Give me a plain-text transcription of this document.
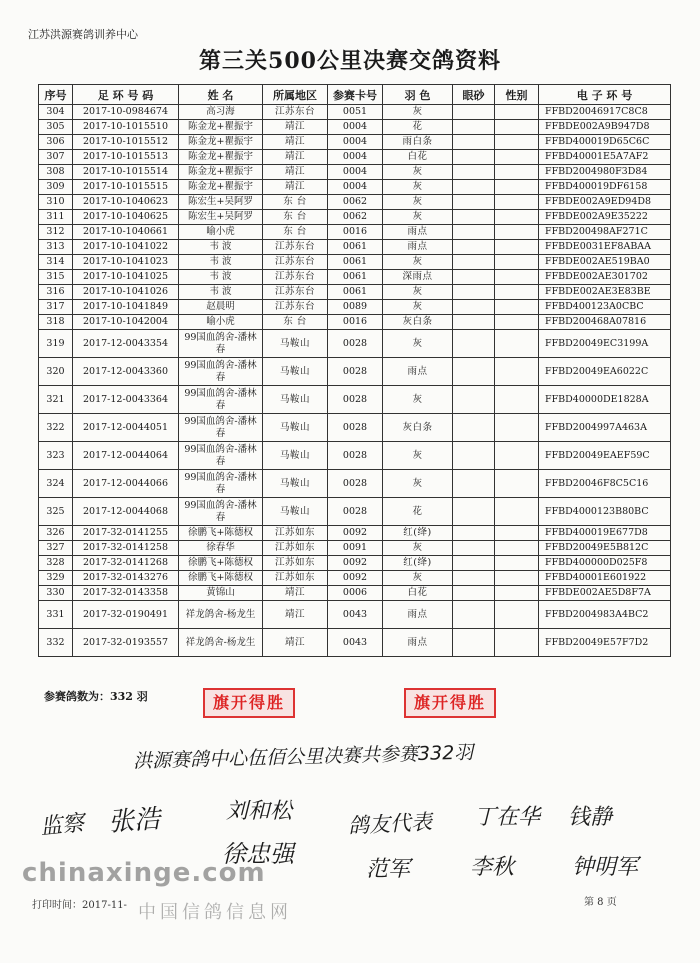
江苏洪源赛鸽训养中心
第三关500公里决赛交鸽资料
序号	足 环 号 码	姓 名	所属地区	参赛卡号	羽 色	眼砂	性别	电 子 环 号
304	2017-10-0984674	高习海	江苏东台	0051	灰			FFBD20046917C8C8
305	2017-10-1015510	陈金龙+瞿振宇	靖江	0004	花			FFBDE002A9B947D8
306	2017-10-1015512	陈金龙+瞿振宇	靖江	0004	雨白条			FFBD400019D65C6C
307	2017-10-1015513	陈金龙+瞿振宇	靖江	0004	白花			FFBD40001E5A7AF2
308	2017-10-1015514	陈金龙+瞿振宇	靖江	0004	灰			FFBD2004980F3D84
309	2017-10-1015515	陈金龙+瞿振宇	靖江	0004	灰			FFBD400019DF6158
310	2017-10-1040623	陈宏生+吴阿罗	东 台	0062	灰			FFBDE002A9ED94D8
311	2017-10-1040625	陈宏生+吴阿罗	东 台	0062	灰			FFBDE002A9E35222
312	2017-10-1040661	喻小虎	东 台	0016	雨点			FFBD200498AF271C
313	2017-10-1041022	韦 波	江苏东台	0061	雨点			FFBDE0031EF8ABAA
314	2017-10-1041023	韦 波	江苏东台	0061	灰			FFBDE002AE519BA0
315	2017-10-1041025	韦 波	江苏东台	0061	深雨点			FFBDE002AE301702
316	2017-10-1041026	韦 波	江苏东台	0061	灰			FFBDE002AE3E83BE
317	2017-10-1041849	赵晨明	江苏东台	0089	灰			FFBD400123A0CBC
318	2017-10-1042004	喻小虎	东 台	0016	灰白条			FFBD200468A07816
319	2017-12-0043354	99国血鸽舍-潘林春	马鞍山	0028	灰			FFBD20049EC3199A
320	2017-12-0043360	99国血鸽舍-潘林春	马鞍山	0028	雨点			FFBD20049EA6022C
321	2017-12-0043364	99国血鸽舍-潘林春	马鞍山	0028	灰			FFBD40000DE1828A
322	2017-12-0044051	99国血鸽舍-潘林春	马鞍山	0028	灰白条			FFBD2004997A463A
323	2017-12-0044064	99国血鸽舍-潘林春	马鞍山	0028	灰			FFBD20049EAEF59C
324	2017-12-0044066	99国血鸽舍-潘林春	马鞍山	0028	灰			FFBD20046F8C5C16
325	2017-12-0044068	99国血鸽舍-潘林春	马鞍山	0028	花			FFBD4000123B80BC
326	2017-32-0141255	徐鹏飞+陈德权	江苏如东	0092	红(绛)			FFBD400019E677D8
327	2017-32-0141258	徐春华	江苏如东	0091	灰			FFBD20049E5B812C
328	2017-32-0141268	徐鹏飞+陈德权	江苏如东	0092	红(绛)			FFBD400000D025F8
329	2017-32-0143276	徐鹏飞+陈德权	江苏如东	0092	灰			FFBD40001E601922
330	2017-32-0143358	黄锦山	靖江	0006	白花			FFBDE002AE5D8F7A
331	2017-32-0190491	祥龙鸽舍-杨龙生	靖江	0043	雨点			FFBD2004983A4BC2
332	2017-32-0193557	祥龙鸽舍-杨龙生	靖江	0043	雨点			FFBD20049E57F7D2
参赛鸽数为：332 羽	旗开得胜	旗开得胜
洪源赛鸽中心伍佰公里决赛共参赛332羽
监察 张浩	刘和松
徐忠强
鸽友代表 丁在华 钱静
范军	李秋	钟明军
chinaxinge.com
打印时间：2017-11- 中国信鸽信息网	第 8 页
